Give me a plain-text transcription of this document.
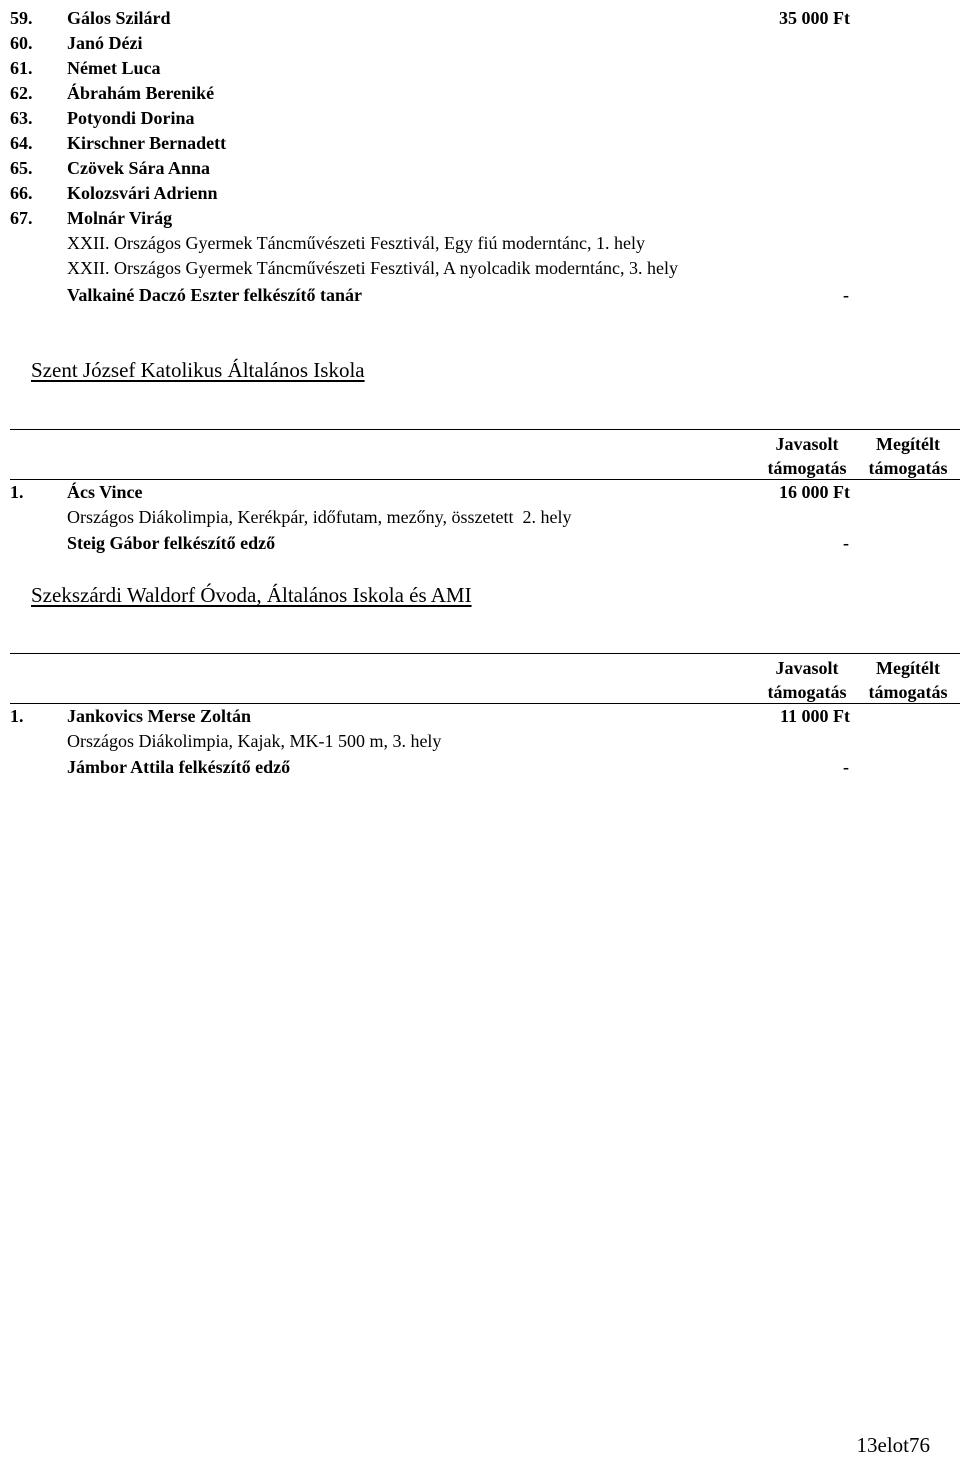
59. Gálos Szilárd	35 000 Ft
60. Janó Dézi
61. Német Luca
62. Ábrahám Bereniké
63. Potyondi Dorina
64. Kirschner Bernadett
65. Czövek Sára Anna
66. Kolozsvári Adrienn
67. Molnár Virág
XXII. Országos Gyermek Táncművészeti Fesztivál, Egy fiú moderntánc, 1. hely
XXII. Országos Gyermek Táncművészeti Fesztivál, A nyolcadik moderntánc, 3. hely
Valkainé Daczó Eszter felkészítő tanár	-
Szent József Katolikus Általános Iskola
Javasolt
támogatás
Megítélt
támogatás
1. Ács Vince	16 000 Ft
Országos Diákolimpia, Kerékpár, időfutam, mezőny, összetett  2. hely
Steig Gábor felkészítő edző	-
Szekszárdi Waldorf Óvoda, Általános Iskola és AMI
Javasolt
támogatás
Megítélt
támogatás
1. Jankovics Merse Zoltán	11 000 Ft
Országos Diákolimpia, Kajak, MK-1 500 m, 3. hely
Jámbor Attila felkészítő edző	-
13elot76
